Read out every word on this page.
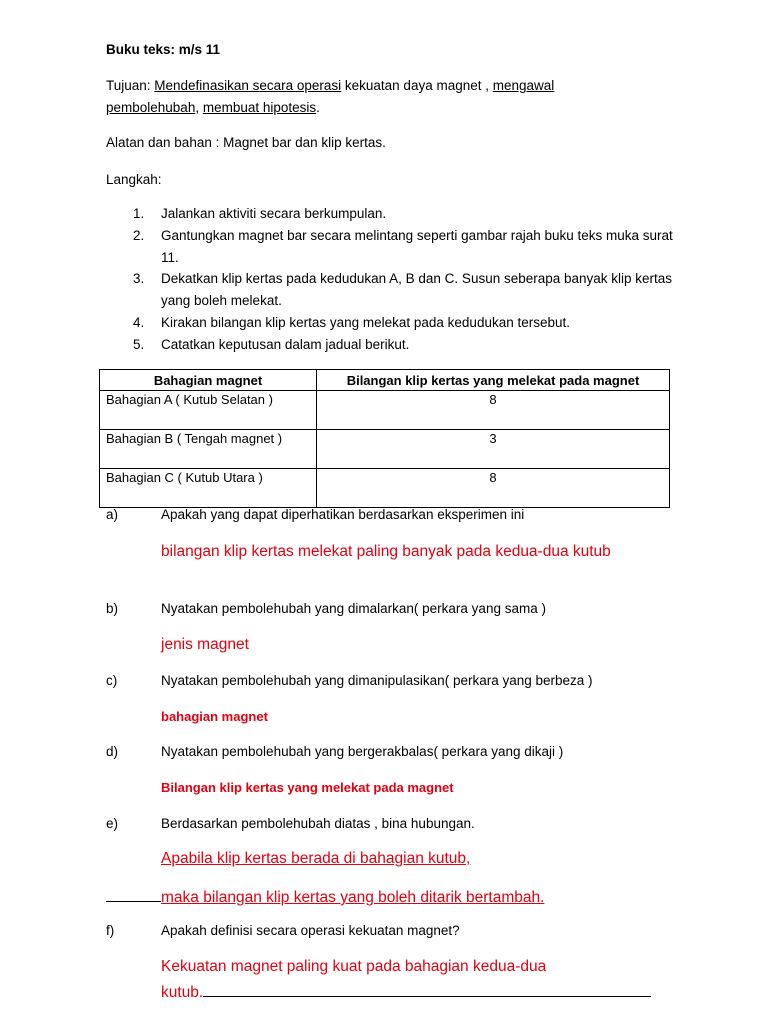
Buku teks: m/s 11
Tujuan: Mendefinasikan secara operasi kekuatan daya magnet , mengawal
pembolehubah, membuat hipotesis.
Alatan dan bahan : Magnet bar dan klip kertas.
Langkah:
1.	Jalankan aktiviti secara berkumpulan.
2.	Gantungkan magnet bar secara melintang seperti gambar rajah buku teks muka surat 11.
3.	Dekatkan klip kertas pada kedudukan A, B dan C. Susun seberapa banyak klip kertas yang boleh melekat.
4.	Kirakan bilangan klip kertas yang melekat pada kedudukan tersebut.
5.	Catatkan keputusan dalam jadual berikut.
Bahagian magnet	Bilangan klip kertas yang melekat pada magnet
Bahagian A ( Kutub Selatan )	8
Bahagian B ( Tengah magnet )	3
Bahagian C ( Kutub Utara )	8
a)	Apakah yang dapat diperhatikan berdasarkan eksperimen ini
bilangan klip kertas melekat paling banyak pada kedua-dua kutub
b)	Nyatakan pembolehubah yang dimalarkan( perkara yang sama )
jenis magnet
c)	Nyatakan pembolehubah yang dimanipulasikan( perkara yang berbeza )
bahagian magnet
d)	Nyatakan pembolehubah yang bergerakbalas( perkara yang dikaji )
Bilangan klip kertas yang melekat pada magnet
e)	Berdasarkan pembolehubah diatas , bina hubungan.
Apabila klip kertas berada di bahagian kutub,
maka bilangan klip kertas yang boleh ditarik bertambah.
f)	Apakah definisi secara operasi kekuatan magnet?
Kekuatan magnet paling kuat pada bahagian kedua-dua
kutub.
